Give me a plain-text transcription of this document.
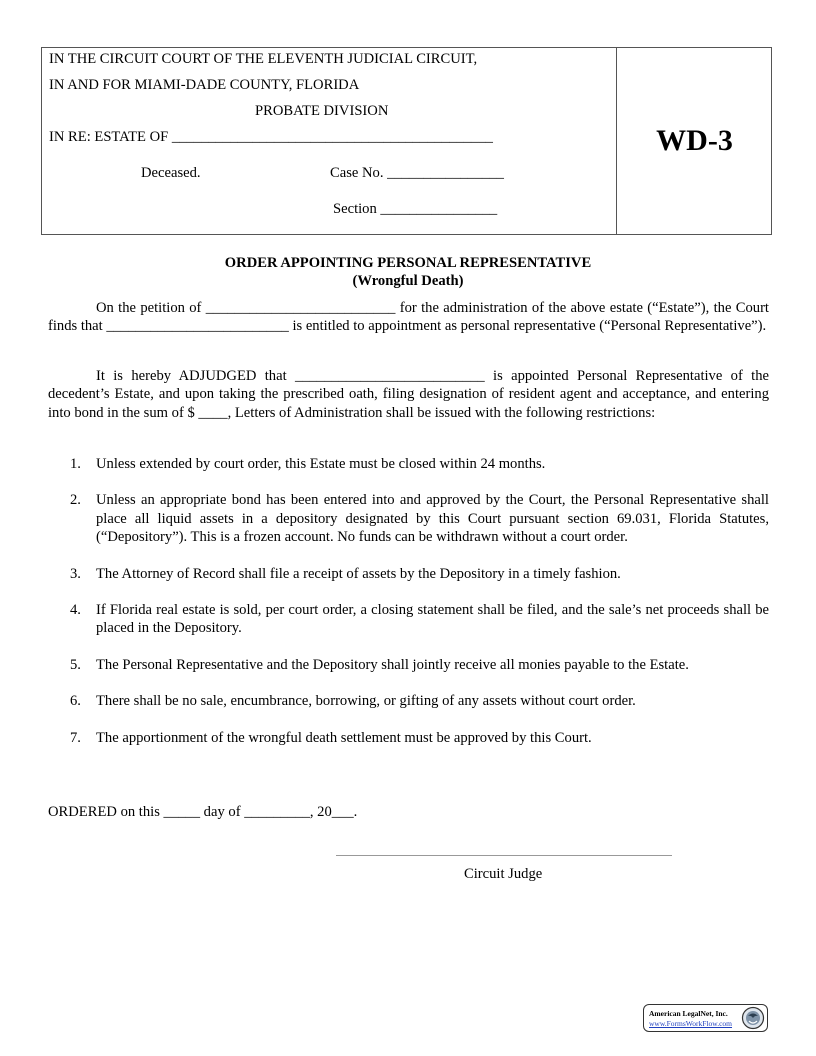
IN THE CIRCUIT COURT OF THE ELEVENTH JUDICIAL CIRCUIT,
IN AND FOR MIAMI-DADE COUNTY, FLORIDA
PROBATE DIVISION
IN RE: ESTATE OF ____________________________________________
Deceased.	Case No. ________________
Section ________________
WD-3
ORDER APPOINTING PERSONAL REPRESENTATIVE
(Wrongful Death)

On the petition of __________________________ for the administration of the above estate (“Estate”), the Court finds that _________________________ is entitled to appointment as personal representative (“Personal Representative”).

It is hereby ADJUDGED that __________________________ is appointed Personal Representative of the decedent’s Estate, and upon taking the prescribed oath, filing designation of resident agent and acceptance, and entering into bond in the sum of $ ____, Letters of Administration shall be issued with the following restrictions:

1. Unless extended by court order, this Estate must be closed within 24 months.
2. Unless an appropriate bond has been entered into and approved by the Court, the Personal Representative shall place all liquid assets in a depository designated by this Court pursuant section 69.031, Florida Statutes, (“Depository”). This is a frozen account. No funds can be withdrawn without a court order.
3. The Attorney of Record shall file a receipt of assets by the Depository in a timely fashion.
4. If Florida real estate is sold, per court order, a closing statement shall be filed, and the sale’s net proceeds shall be placed in the Depository.
5. The Personal Representative and the Depository shall jointly receive all monies payable to the Estate.
6. There shall be no sale, encumbrance, borrowing, or gifting of any assets without court order.
7. The apportionment of the wrongful death settlement must be approved by this Court.
ORDERED on this _____ day of _________, 20___.
Circuit Judge
American LegalNet, Inc.
www.FormsWorkFlow.com
